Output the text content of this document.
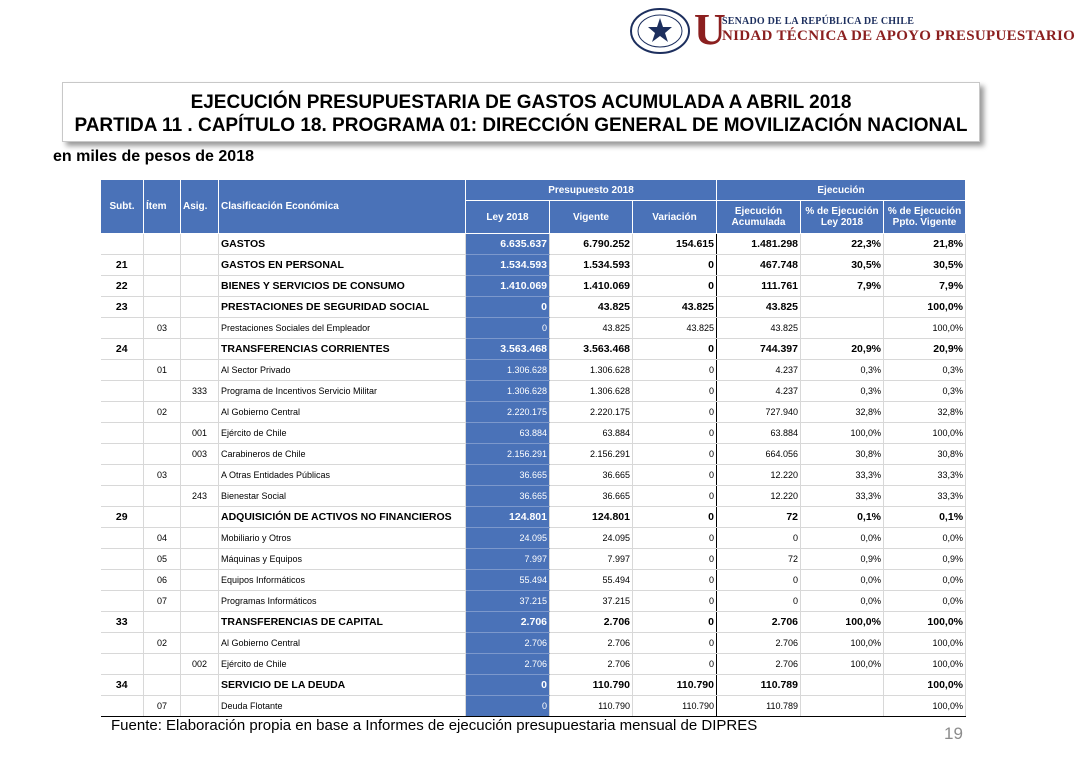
U
SENADO DE LA REPÚBLICA DE CHILE
NIDAD TÉCNICA DE APOYO PRESUPUESTARIO
EJECUCIÓN PRESUPUESTARIA DE GASTOS ACUMULADA A ABRIL 2018
PARTIDA 11 . CAPÍTULO 18. PROGRAMA 01: DIRECCIÓN GENERAL DE MOVILIZACIÓN NACIONAL
en miles de pesos de 2018
Subt.	Ítem	Asig.	Clasificación Económica	Presupuesto 2018			Ejecución		
				Ley 2018	Vigente	Variación	Ejecución Acumulada	% de Ejecución Ley 2018	% de Ejecución Ppto. Vigente
			GASTOS	6.635.637	6.790.252	154.615	1.481.298	22,3%	21,8%
21			GASTOS EN PERSONAL	1.534.593	1.534.593	0	467.748	30,5%	30,5%
22			BIENES Y SERVICIOS DE CONSUMO	1.410.069	1.410.069	0	111.761	7,9%	7,9%
23			PRESTACIONES DE SEGURIDAD SOCIAL	0	43.825	43.825	43.825		100,0%
	03		Prestaciones Sociales del Empleador	0	43.825	43.825	43.825		100,0%
24			TRANSFERENCIAS CORRIENTES	3.563.468	3.563.468	0	744.397	20,9%	20,9%
	01		Al Sector Privado	1.306.628	1.306.628	0	4.237	0,3%	0,3%
		333	Programa de Incentivos Servicio Militar	1.306.628	1.306.628	0	4.237	0,3%	0,3%
	02		Al Gobierno Central	2.220.175	2.220.175	0	727.940	32,8%	32,8%
		001	Ejército de Chile	63.884	63.884	0	63.884	100,0%	100,0%
		003	Carabineros de Chile	2.156.291	2.156.291	0	664.056	30,8%	30,8%
	03		A Otras Entidades Públicas	36.665	36.665	0	12.220	33,3%	33,3%
		243	Bienestar Social	36.665	36.665	0	12.220	33,3%	33,3%
29			ADQUISICIÓN DE ACTIVOS NO FINANCIEROS	124.801	124.801	0	72	0,1%	0,1%
	04		Mobiliario y Otros	24.095	24.095	0	0	0,0%	0,0%
	05		Máquinas y Equipos	7.997	7.997	0	72	0,9%	0,9%
	06		Equipos Informáticos	55.494	55.494	0	0	0,0%	0,0%
	07		Programas Informáticos	37.215	37.215	0	0	0,0%	0,0%
33			TRANSFERENCIAS DE CAPITAL	2.706	2.706	0	2.706	100,0%	100,0%
	02		Al Gobierno Central	2.706	2.706	0	2.706	100,0%	100,0%
		002	Ejército de Chile	2.706	2.706	0	2.706	100,0%	100,0%
34			SERVICIO DE LA DEUDA	0	110.790	110.790	110.789		100,0%
	07		Deuda Flotante	0	110.790	110.790	110.789		100,0%
Fuente: Elaboración propia en base a Informes de ejecución presupuestaria mensual de DIPRES	19
